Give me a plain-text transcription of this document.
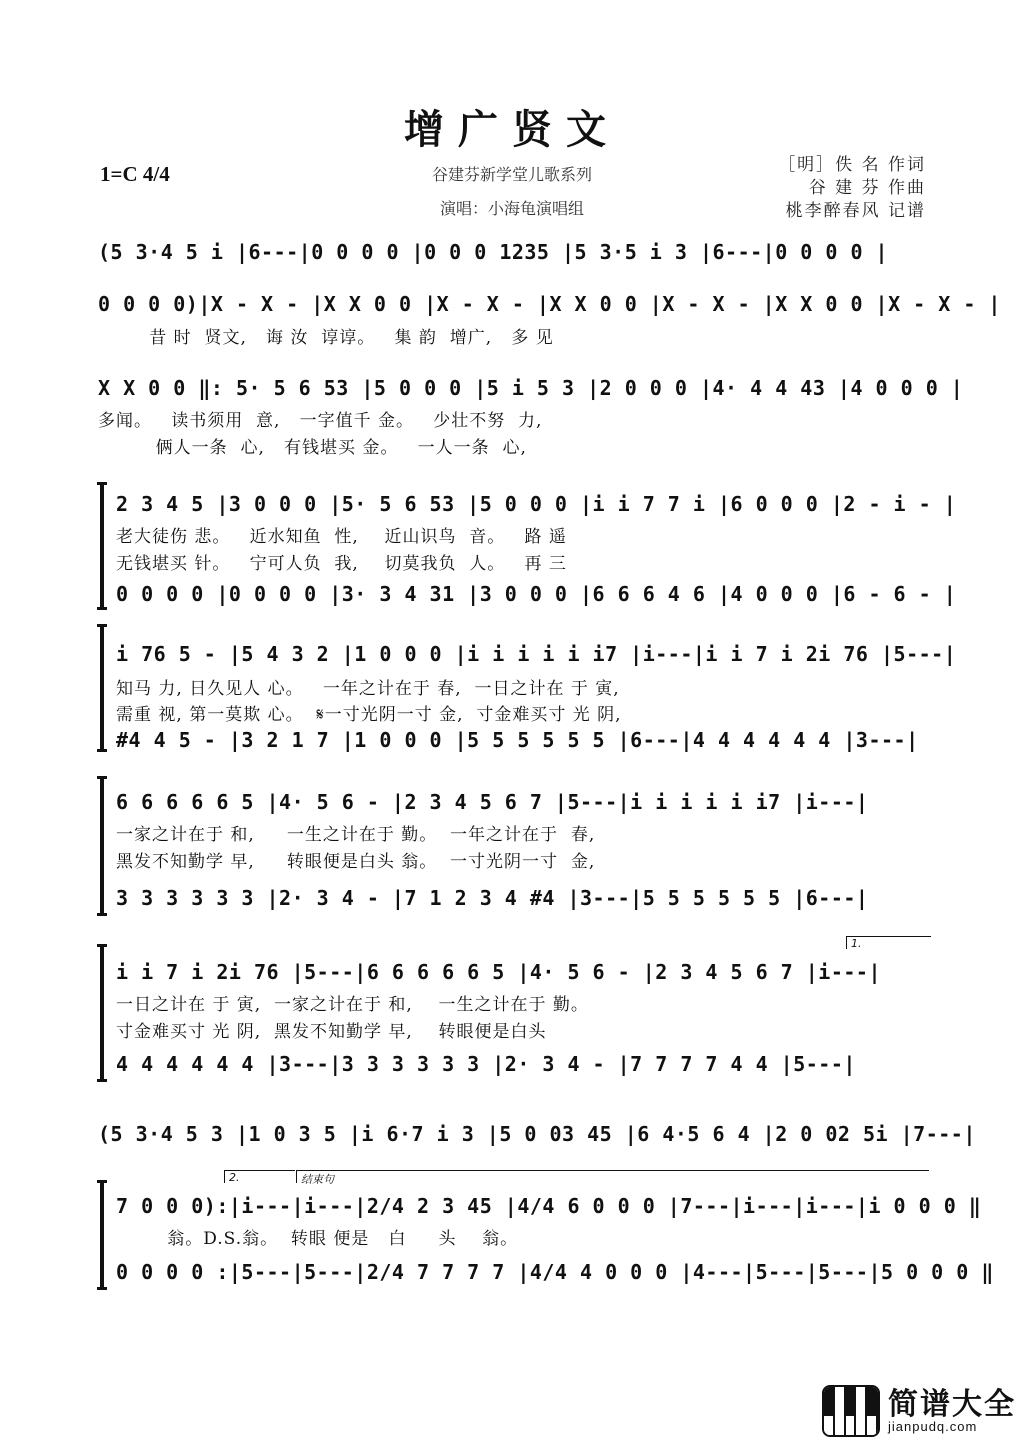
增广贤文
1=C 4/4	谷建芬新学堂儿歌系列
演唱：小海龟演唱组
［明］佚 名 作词
谷 建 芬 作曲
桃李醉春风 记谱
(5 3·4 5 i |6---|0 0 0 0 |0 0 0 1235 |5 3·5 i 3 |6---|0 0 0 0 |
0 0 0 0)|X - X - |X X 0 0 |X - X - |X X 0 0 |X - X - |X X 0 0 |X - X - |
昔 时  贤文,   诲 汝  谆谆。   集 韵  增广,   多 见
X X 0 0 ‖: 5· 5 6 53 |5 0 0 0 |5 i 5 3 |2 0 0 0 |4· 4 4 43 |4 0 0 0 |
多闻。   读书须用  意,   一字值千 金。   少壮不努  力,
俩人一条  心,   有钱堪买 金。   一人一条  心,
2 3 4 5 |3 0 0 0 |5· 5 6 53 |5 0 0 0 |i i 7 7 i |6 0 0 0 |2 - i - |
老大徒伤 悲。   近水知鱼  性,    近山识鸟  音。   路 遥
无钱堪买 针。   宁可人负  我,    切莫我负  人。   再 三
0 0 0 0 |0 0 0 0 |3· 3 4 31 |3 0 0 0 |6 6 6 4 6 |4 0 0 0 |6 - 6 - |
i 76 5 - |5 4 3 2 |1 0 0 0 |i i i i i i7 |i---|i i 7 i 2i 76 |5---|
知马 力, 日久见人 心。   一年之计在于 春,  一日之计在 于 寅,
需重 视, 第一莫欺 心。  𝄋一寸光阴一寸 金,  寸金难买寸 光 阴,
#4 4 5 - |3 2 1 7 |1 0 0 0 |5 5 5 5 5 5 |6---|4 4 4 4 4 4 |3---|
6 6 6 6 6 5 |4· 5 6 - |2 3 4 5 6 7 |5---|i i i i i i7 |i---|
一家之计在于 和,     一生之计在于 勤。  一年之计在于  春,
黑发不知勤学 早,     转眼便是白头 翁。  一寸光阴一寸  金,
3 3 3 3 3 3 |2· 3 4 - |7 1 2 3 4 #4 |3---|5 5 5 5 5 5 |6---|
1.
i i 7 i 2i 76 |5---|6 6 6 6 6 5 |4· 5 6 - |2 3 4 5 6 7 |i---|
一日之计在 于 寅,  一家之计在于 和,    一生之计在于 勤。
寸金难买寸 光 阴,  黑发不知勤学 早,    转眼便是白头
4 4 4 4 4 4 |3---|3 3 3 3 3 3 |2· 3 4 - |7 7 7 7 4 4 |5---|
(5 3·4 5 3 |1 0 3 5 |i 6·7 i 3 |5 0 03 45 |6 4·5 6 4 |2 0 02 5i |7---|
2.	结束句
7 0 0 0):|i---|i---|2/4 2 3 45 |4/4 6 0 0 0 |7---|i---|i---|i 0 0 0 ‖
翁。D.S.翁。  转眼 便是   白     头    翁。
0 0 0 0 :|5---|5---|2/4 7 7 7 7 |4/4 4 0 0 0 |4---|5---|5---|5 0 0 0 ‖
简谱大全
jianpudq.com
